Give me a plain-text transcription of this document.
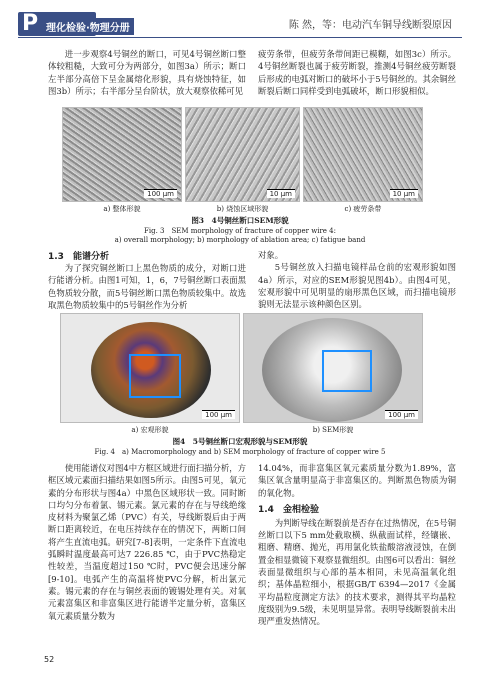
P 理化检验·物理分册	陈 然，等：电动汽车铜导线断裂原因

进一步观察4号铜丝的断口，可见4号铜丝断口整体较粗糙，大致可分为两部分，如图3a）所示；断口左半部分高倍下呈金属熔化形貌，具有烧蚀特征，如图3b）所示；右半部分呈台阶状，放大观察依稀可见

疲劳条带，但疲劳条带间距已模糊，如图3c）所示。4号铜丝断裂也属于疲劳断裂，推测4号铜丝疲劳断裂后形成的电弧对断口的破坏小于5号铜丝的。其余铜丝断裂后断口同样受到电弧破坏，断口形貌相似。

100 μm	10 μm	10 μm
a) 整体形貌	b) 烧蚀区域形貌	c) 疲劳条带
图3　4号铜丝断口SEM形貌
Fig. 3　SEM morphology of fracture of copper wire 4:
a) overall morphology; b) morphology of ablation area; c) fatigue band
1.3　能谱分析

为了探究铜丝断口上黑色物质的成分，对断口进行能谱分析。由图1可知，1，6，7号铜丝断口表面黑色物质较分散，而5号铜丝断口黑色物质较集中。故选取黑色物质较集中的5号铜丝作为分析

对象。

5号铜丝放入扫描电镜样品仓前的宏观形貌如图4a）所示，对应的SEM形貌见图4b）。由图4可见，宏观形貌中可见明显的扇形黑色区域，而扫描电镜形貌则无法显示该种颜色区别。

100 μm	100 μm
a) 宏观形貌	b) SEM形貌
图4　5号铜丝断口宏观形貌与SEM形貌
Fig. 4　a) Macromorphology and b) SEM morphology of fracture of copper wire 5

使用能谱仪对图4中方框区域进行面扫描分析，方框区域元素面扫描结果如图5所示。由图5可见，氧元素的分布形状与图4a）中黑色区域形状一致。同时断口均匀分布着氯、锡元素。氯元素的存在与导线绝缘皮材料为聚氯乙烯（PVC）有关，导线断裂后由于两断口距离较近，在电压持续存在的情况下，两断口间将产生直流电弧。研究[7-8]表明，一定条件下直流电弧瞬时温度最高可达7 226.85 ℃，由于PVC热稳定性较差，当温度超过150 ℃时，PVC便会迅速分解[9-10]。电弧产生的高温将使PVC分解，析出氯元素。锡元素的存在与铜丝表面的镀锡处理有关。对氧元素富集区和非富集区进行能谱半定量分析，富集区氧元素质量分数为

14.04%，而非富集区氧元素质量分数为1.89%，富集区氧含量明显高于非富集区的。判断黑色物质为铜的氧化物。

1.4　金相检验

为判断导线在断裂前是否存在过热情况，在5号铜丝断口以下5 mm处截取横、纵截面试样，经镶嵌、粗磨、精磨、抛光，再用氯化铁盐酸溶液浸蚀，在倒置金相显微镜下观察显微组织。由图6可以看出：铜丝表面显微组织与心部的基本相同，未见高温氧化组织；基体晶粒细小，根据GB/T 6394—2017《金属平均晶粒度测定方法》的技术要求，测得其平均晶粒度级别为9.5级，未见明显异常。表明导线断裂前未出现严重发热情况。

52
